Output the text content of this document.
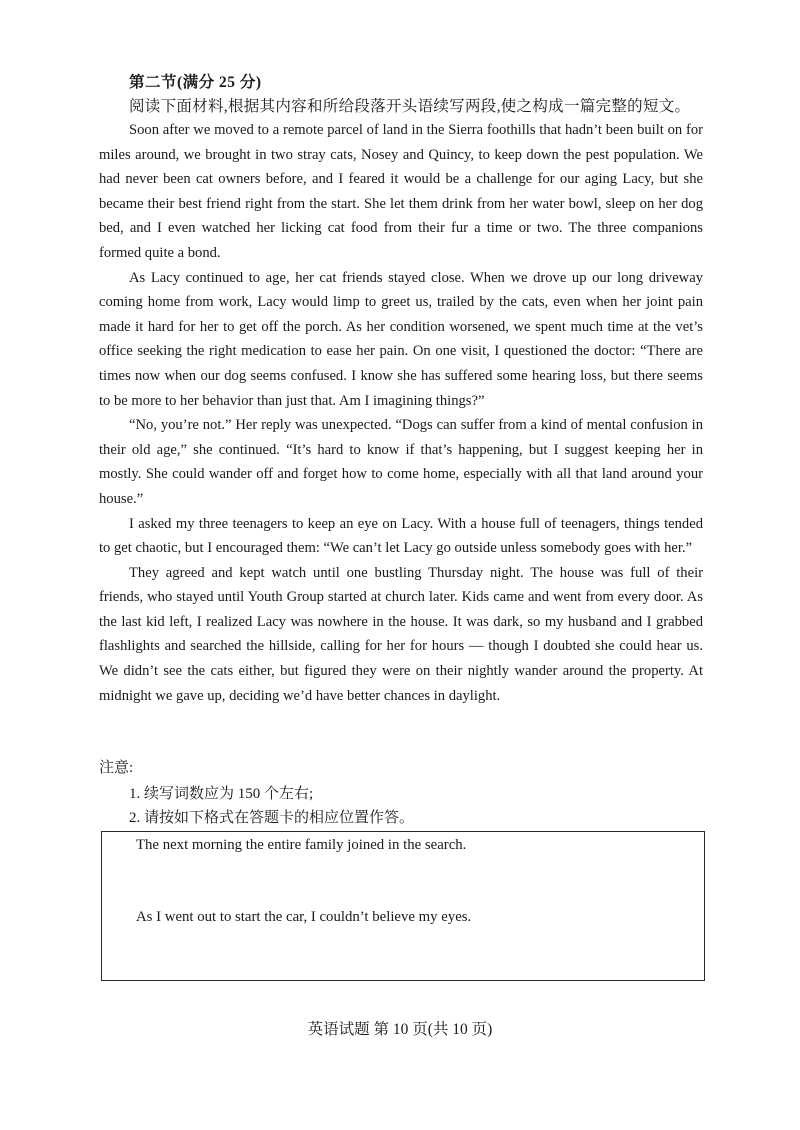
第二节(满分 25 分)
阅读下面材料,根据其内容和所给段落开头语续写两段,使之构成一篇完整的短文。

Soon after we moved to a remote parcel of land in the Sierra foothills that hadn’t been built on for miles around, we brought in two stray cats, Nosey and Quincy, to keep down the pest population. We had never been cat owners before, and I feared it would be a challenge for our aging Lacy, but she became their best friend right from the start. She let them drink from her water bowl, sleep on her dog bed, and I even watched her licking cat food from their fur a time or two. The three companions formed quite a bond.

As Lacy continued to age, her cat friends stayed close. When we drove up our long driveway coming home from work, Lacy would limp to greet us, trailed by the cats, even when her joint pain made it hard for her to get off the porch. As her condition worsened, we spent much time at the vet’s office seeking the right medication to ease her pain. On one visit, I questioned the doctor: “There are times now when our dog seems confused. I know she has suffered some hearing loss, but there seems to be more to her behavior than just that. Am I imagining things?”

“No, you’re not.” Her reply was unexpected. “Dogs can suffer from a kind of mental confusion in their old age,” she continued. “It’s hard to know if that’s happening, but I suggest keeping her in mostly. She could wander off and forget how to come home, especially with all that land around your house.”

I asked my three teenagers to keep an eye on Lacy. With a house full of teenagers, things tended to get chaotic, but I encouraged them: “We can’t let Lacy go outside unless somebody goes with her.”

They agreed and kept watch until one bustling Thursday night. The house was full of their friends, who stayed until Youth Group started at church later. Kids came and went from every door. As the last kid left, I realized Lacy was nowhere in the house. It was dark, so my husband and I grabbed flashlights and searched the hillside, calling for her for hours — though I doubted she could hear us. We didn’t see the cats either, but figured they were on their nightly wander around the property. At midnight we gave up, deciding we’d have better chances in daylight.

注意:
1. 续写词数应为 150 个左右;
2. 请按如下格式在答题卡的相应位置作答。
The next morning the entire family joined in the search.
As I went out to start the car, I couldn’t believe my eyes.
英语试题 第 10 页(共 10 页)
